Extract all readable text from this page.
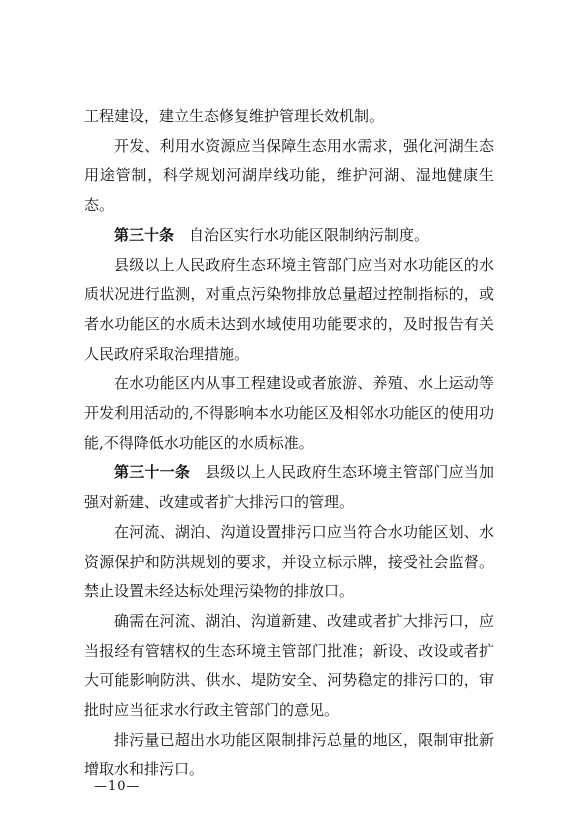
工程建设，建立生态修复维护管理长效机制。

开发、利用水资源应当保障生态用水需求，强化河湖生态用途管制，科学规划河湖岸线功能，维护河湖、湿地健康生态。

第三十条 自治区实行水功能区限制纳污制度。

县级以上人民政府生态环境主管部门应当对水功能区的水质状况进行监测，对重点污染物排放总量超过控制指标的，或者水功能区的水质未达到水域使用功能要求的，及时报告有关人民政府采取治理措施。

在水功能区内从事工程建设或者旅游、养殖、水上运动等开发利用活动的,不得影响本水功能区及相邻水功能区的使用功能,不得降低水功能区的水质标准。

第三十一条 县级以上人民政府生态环境主管部门应当加强对新建、改建或者扩大排污口的管理。

在河流、湖泊、沟道设置排污口应当符合水功能区划、水资源保护和防洪规划的要求，并设立标示牌，接受社会监督。禁止设置未经达标处理污染物的排放口。

确需在河流、湖泊、沟道新建、改建或者扩大排污口，应当报经有管辖权的生态环境主管部门批准；新设、改设或者扩大可能影响防洪、供水、堤防安全、河势稳定的排污口的，审批时应当征求水行政主管部门的意见。

排污量已超出水功能区限制排污总量的地区，限制审批新增取水和排污口。

—10—
